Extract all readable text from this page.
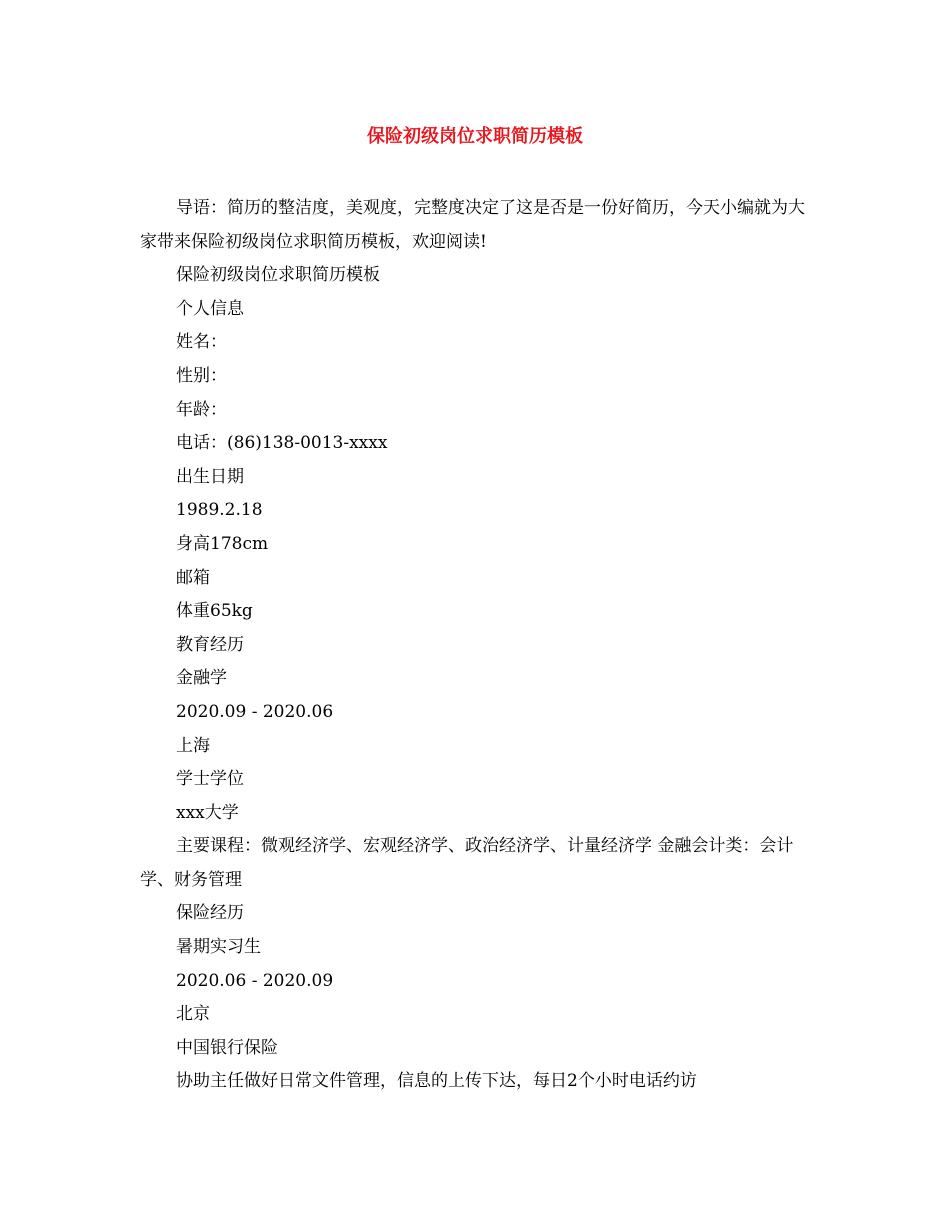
保险初级岗位求职简历模板

导语：简历的整洁度，美观度，完整度决定了这是否是一份好简历，今天小编就为大家带来保险初级岗位求职简历模板，欢迎阅读!

保险初级岗位求职简历模板

个人信息

姓名：

性别：

年龄：

电话：(86)138-0013-xxxx

出生日期

1989.2.18

身高178cm

邮箱

体重65kg

教育经历

金融学

2020.09 - 2020.06

上海

学士学位

xxx大学

主要课程：微观经济学、宏观经济学、政治经济学、计量经济学 金融会计类：会计学、财务管理

保险经历

暑期实习生

2020.06 - 2020.09

北京

中国银行保险

协助主任做好日常文件管理，信息的上传下达，每日2个小时电话约访
